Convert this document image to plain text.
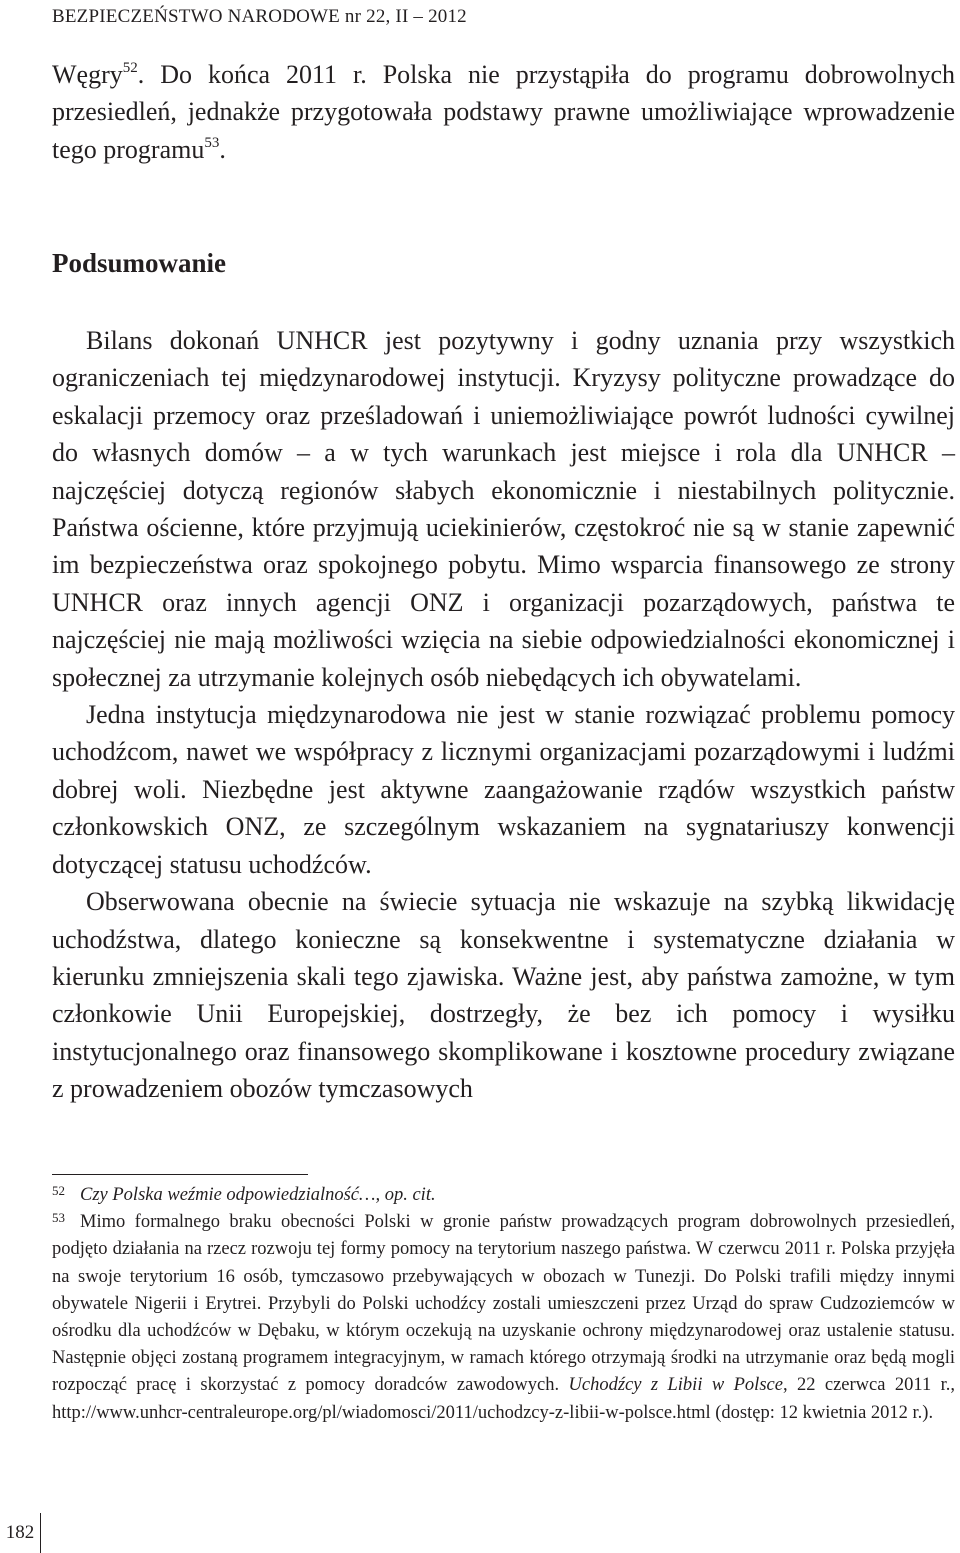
BEZPIECZEŃSTWO NARODOWE nr 22, II – 2012

Węgry$^{52}$. Do końca 2011 r. Polska nie przystąpiła do programu dobrowolnych przesiedleń, jednakże przygotowała podstawy prawne umożliwiające wprowadzenie tego programu$^{53}$.

Podsumowanie

Bilans dokonań UNHCR jest pozytywny i godny uznania przy wszystkich ograniczeniach tej międzynarodowej instytucji. Kryzysy polityczne prowadzące do eskalacji przemocy oraz prześladowań i uniemożliwiające powrót ludności cywilnej do własnych domów – a w tych warunkach jest miejsce i rola dla UNHCR – najczęściej dotyczą regionów słabych ekonomicznie i niestabilnych politycznie. Państwa ościenne, które przyjmują uciekinierów, częstokroć nie są w stanie zapewnić im bezpieczeństwa oraz spokojnego pobytu. Mimo wsparcia finansowego ze strony UNHCR oraz innych agencji ONZ i organizacji pozarządowych, państwa te najczęściej nie mają możliwości wzięcia na siebie odpowiedzialności ekonomicznej i społecznej za utrzymanie kolejnych osób niebędących ich obywatelami.

Jedna instytucja międzynarodowa nie jest w stanie rozwiązać problemu pomocy uchodźcom, nawet we współpracy z licznymi organizacjami pozarządowymi i ludźmi dobrej woli. Niezbędne jest aktywne zaangażowanie rządów wszystkich państw członkowskich ONZ, ze szczególnym wskazaniem na sygnatariuszy konwencji dotyczącej statusu uchodźców.

Obserwowana obecnie na świecie sytuacja nie wskazuje na szybką likwidację uchodźstwa, dlatego konieczne są konsekwentne i systematyczne działania w kierunku zmniejszenia skali tego zjawiska. Ważne jest, aby państwa zamożne, w tym członkowie Unii Europejskiej, dostrzegły, że bez ich pomocy i wysiłku instytucjonalnego oraz finansowego skomplikowane i kosztowne procedury związane z prowadzeniem obozów tymczasowych

52 Czy Polska weźmie odpowiedzialność…, op. cit.

53 Mimo formalnego braku obecności Polski w gronie państw prowadzących program dobrowolnych przesiedleń, podjęto działania na rzecz rozwoju tej formy pomocy na terytorium naszego państwa. W czerwcu 2011 r. Polska przyjęła na swoje terytorium 16 osób, tymczasowo przebywających w obozach w Tunezji. Do Polski trafili między innymi obywatele Nigerii i Erytrei. Przybyli do Polski uchodźcy zostali umieszczeni przez Urząd do spraw Cudzoziemców w ośrodku dla uchodźców w Dębaku, w którym oczekują na uzyskanie ochrony międzynarodowej oraz ustalenie statusu. Następnie objęci zostaną programem integracyjnym, w ramach którego otrzymają środki na utrzymanie oraz będą mogli rozpocząć pracę i skorzystać z pomocy doradców zawodowych. Uchodźcy z Libii w Polsce, 22 czerwca 2011 r., http://www.unhcr-centraleurope.org/pl/wiadomosci/2011/uchodzcy-z-libii-w-polsce.html (dostęp: 12 kwietnia 2012 r.).

182
